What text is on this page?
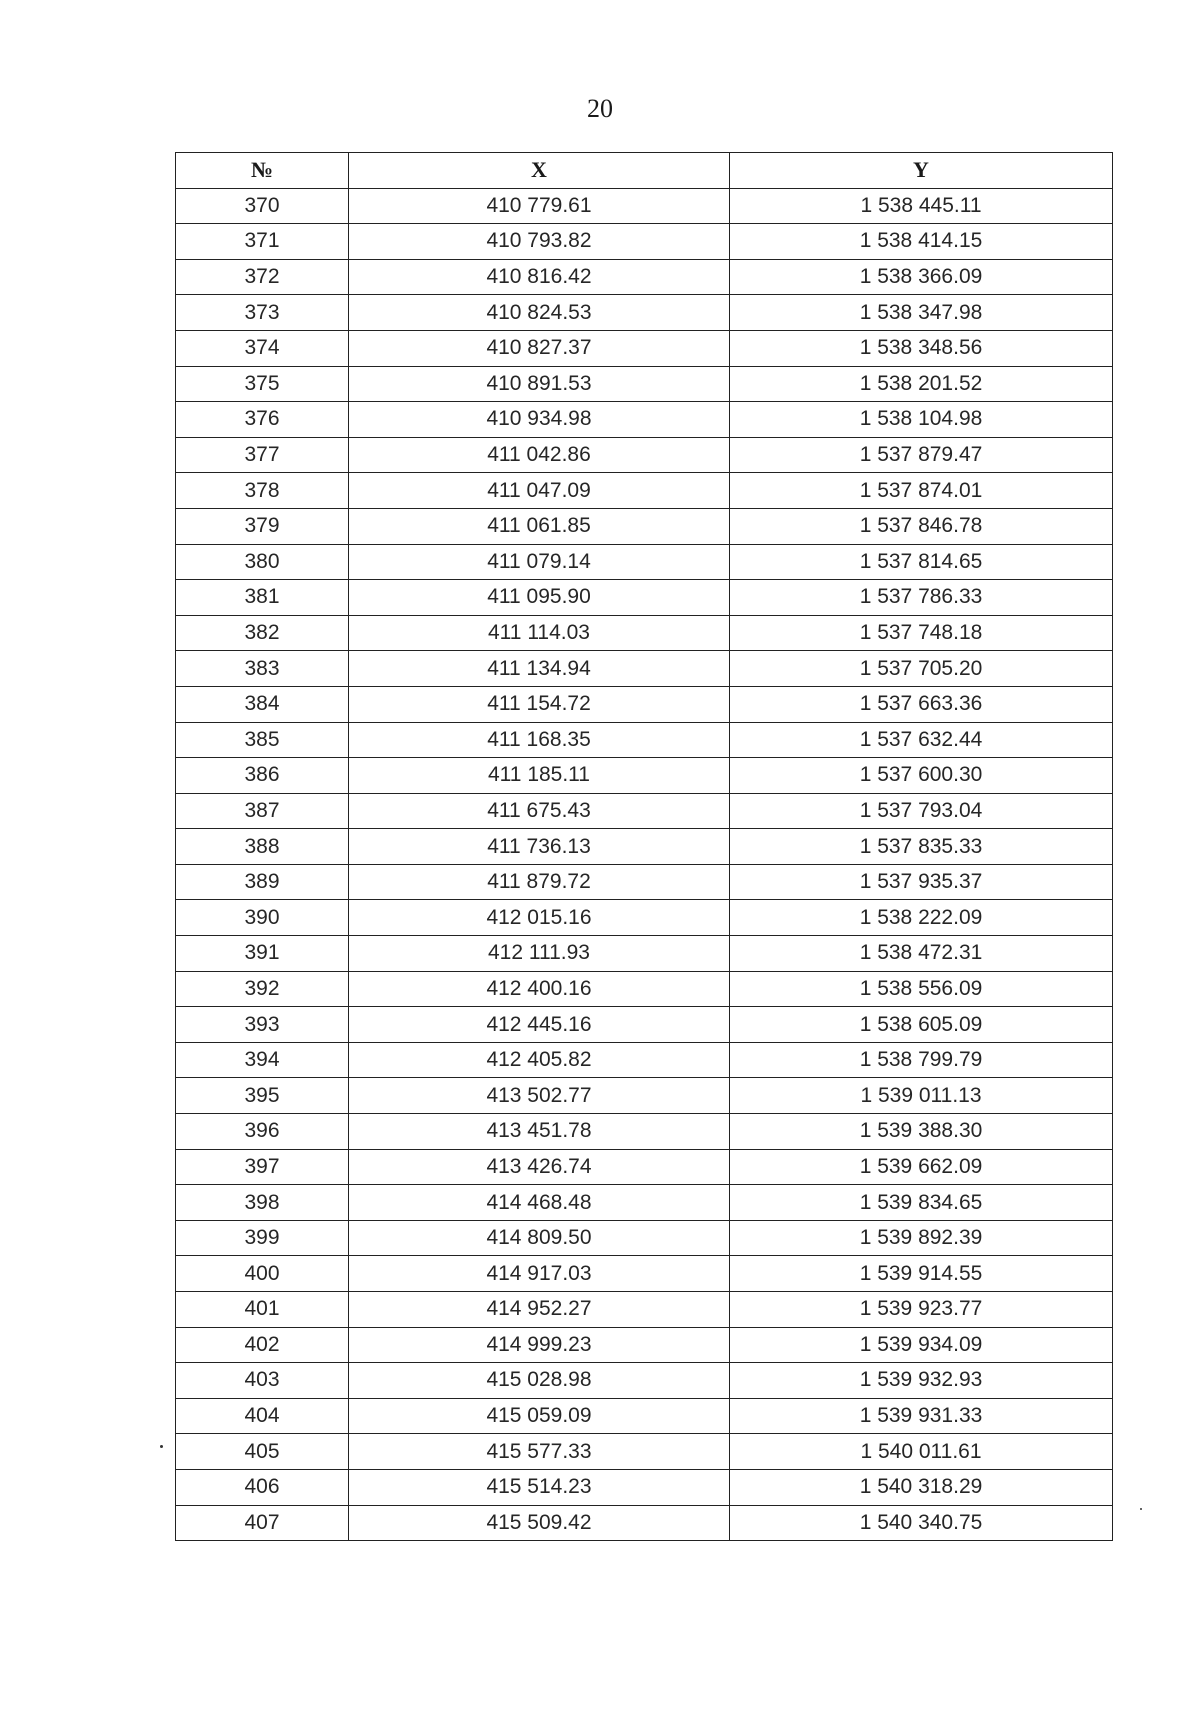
20
№	X	Y
370	410 779.61	1 538 445.11
371	410 793.82	1 538 414.15
372	410 816.42	1 538 366.09
373	410 824.53	1 538 347.98
374	410 827.37	1 538 348.56
375	410 891.53	1 538 201.52
376	410 934.98	1 538 104.98
377	411 042.86	1 537 879.47
378	411 047.09	1 537 874.01
379	411 061.85	1 537 846.78
380	411 079.14	1 537 814.65
381	411 095.90	1 537 786.33
382	411 114.03	1 537 748.18
383	411 134.94	1 537 705.20
384	411 154.72	1 537 663.36
385	411 168.35	1 537 632.44
386	411 185.11	1 537 600.30
387	411 675.43	1 537 793.04
388	411 736.13	1 537 835.33
389	411 879.72	1 537 935.37
390	412 015.16	1 538 222.09
391	412 111.93	1 538 472.31
392	412 400.16	1 538 556.09
393	412 445.16	1 538 605.09
394	412 405.82	1 538 799.79
395	413 502.77	1 539 011.13
396	413 451.78	1 539 388.30
397	413 426.74	1 539 662.09
398	414 468.48	1 539 834.65
399	414 809.50	1 539 892.39
400	414 917.03	1 539 914.55
401	414 952.27	1 539 923.77
402	414 999.23	1 539 934.09
403	415 028.98	1 539 932.93
404	415 059.09	1 539 931.33
405	415 577.33	1 540 011.61
406	415 514.23	1 540 318.29
407	415 509.42	1 540 340.75
